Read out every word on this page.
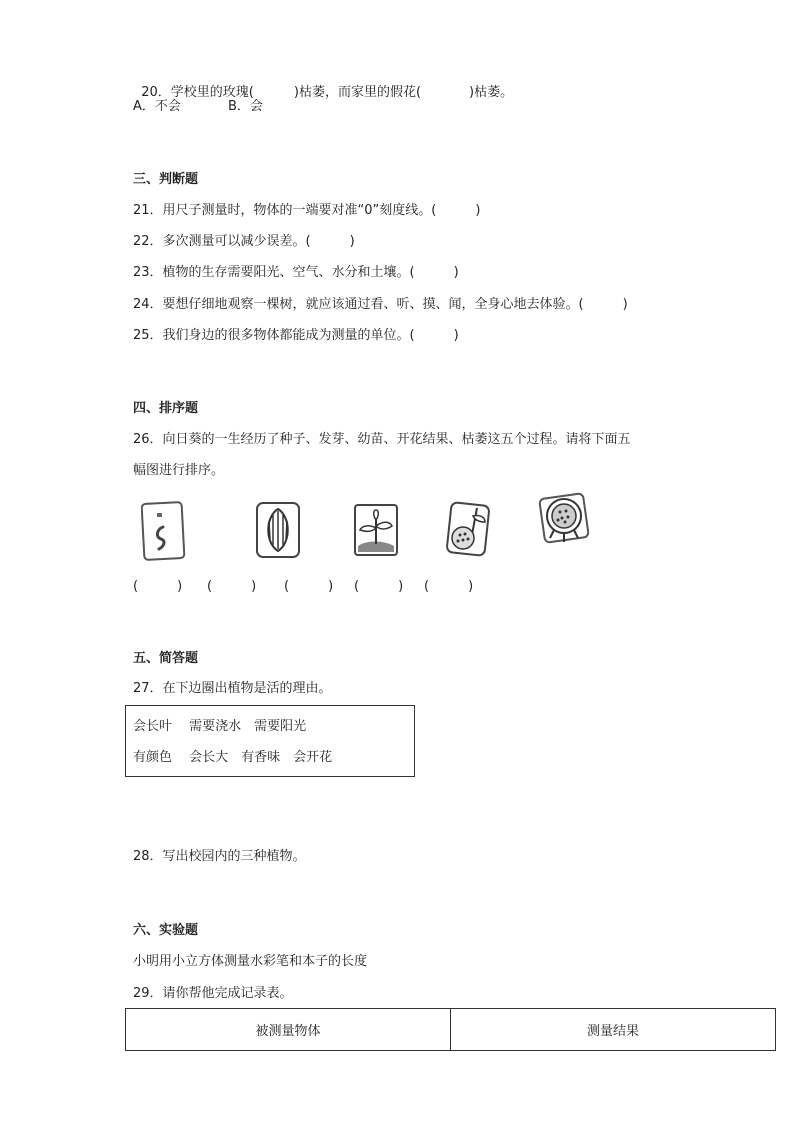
20．学校里的玫瑰(	)枯萎，而家里的假花(	)枯萎。

A．不会	B．会
三、判断题
21．用尺子测量时，物体的一端要对准“0”刻度线。(　　　)
22．多次测量可以减少误差。(　　　)
23．植物的生存需要阳光、空气、水分和土壤。(　　　)
24．要想仔细地观察一棵树，就应该通过看、听、摸、闻，全身心地去体验。(　　　)
25．我们身边的很多物体都能成为测量的单位。(　　　)
四、排序题
26．向日葵的一生经历了种子、发芽、幼苗、开花结果、枯萎这五个过程。请将下面五
幅图进行排序。
(　　　) (　　　) (　　　) (　　　) (　　　)
五、简答题
27．在下边圈出植物是活的理由。
会长叶　 需要浇水　需要阳光
有颜色　 会长大　有香味　会开花
28．写出校园内的三种植物。
六、实验题
小明用小立方体测量水彩笔和本子的长度
29．请你帮他完成记录表。
被测量物体	测量结果
